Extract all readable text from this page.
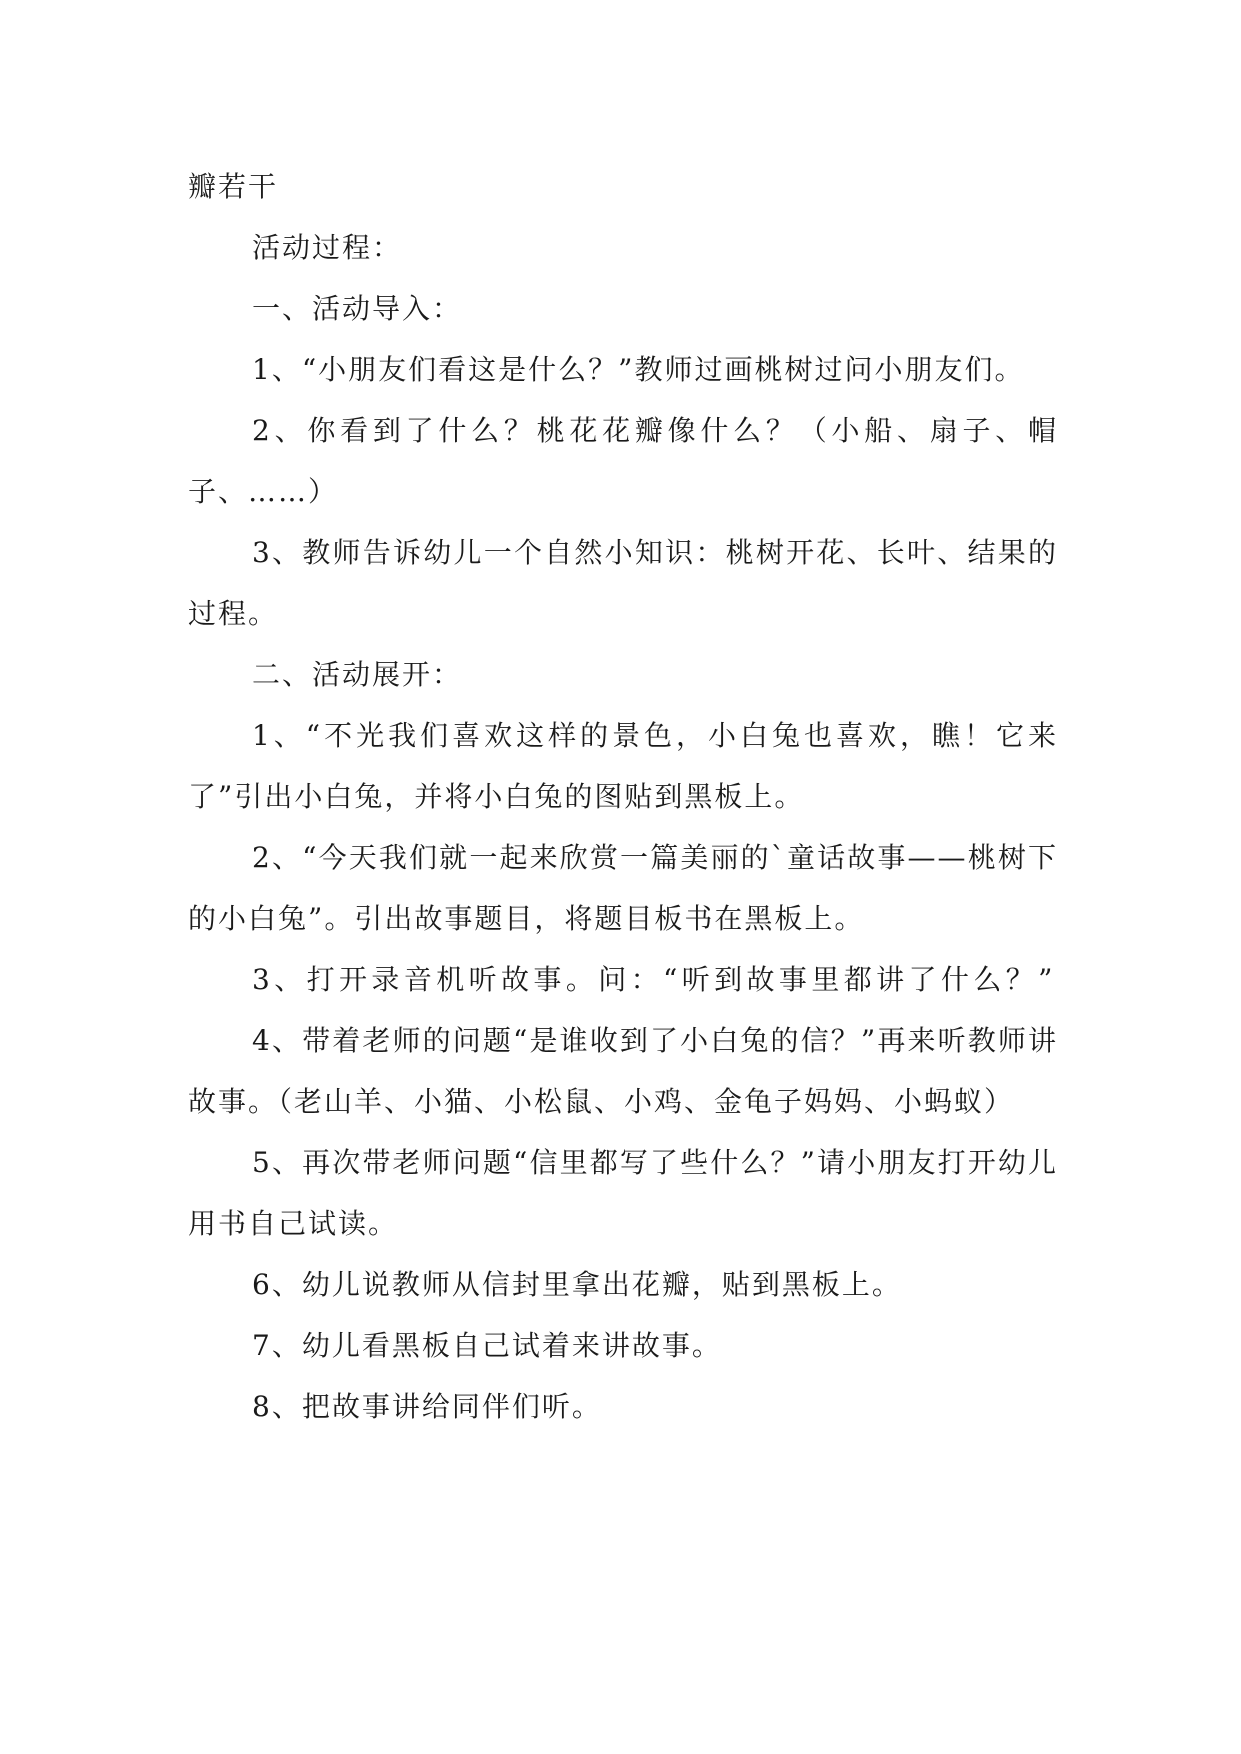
瓣若干

活动过程：

一、活动导入：

1、“小朋友们看这是什么？”教师过画桃树过问小朋友们。

2、你看到了什么？桃花花瓣像什么？（小船、扇子、帽子、……）

3、教师告诉幼儿一个自然小知识：桃树开花、长叶、结果的过程。

二、活动展开：

1、“不光我们喜欢这样的景色，小白兔也喜欢，瞧！它来了”引出小白兔，并将小白兔的图贴到黑板上。

2、“今天我们就一起来欣赏一篇美丽的`童话故事——桃树下的小白兔”。引出故事题目，将题目板书在黑板上。

3、打开录音机听故事。问：“听到故事里都讲了什么？”

4、带着老师的问题“是谁收到了小白兔的信？”再来听教师讲故事。（老山羊、小猫、小松鼠、小鸡、金龟子妈妈、小蚂蚁）

5、再次带老师问题“信里都写了些什么？”请小朋友打开幼儿用书自己试读。

6、幼儿说教师从信封里拿出花瓣，贴到黑板上。

7、幼儿看黑板自己试着来讲故事。

8、把故事讲给同伴们听。
